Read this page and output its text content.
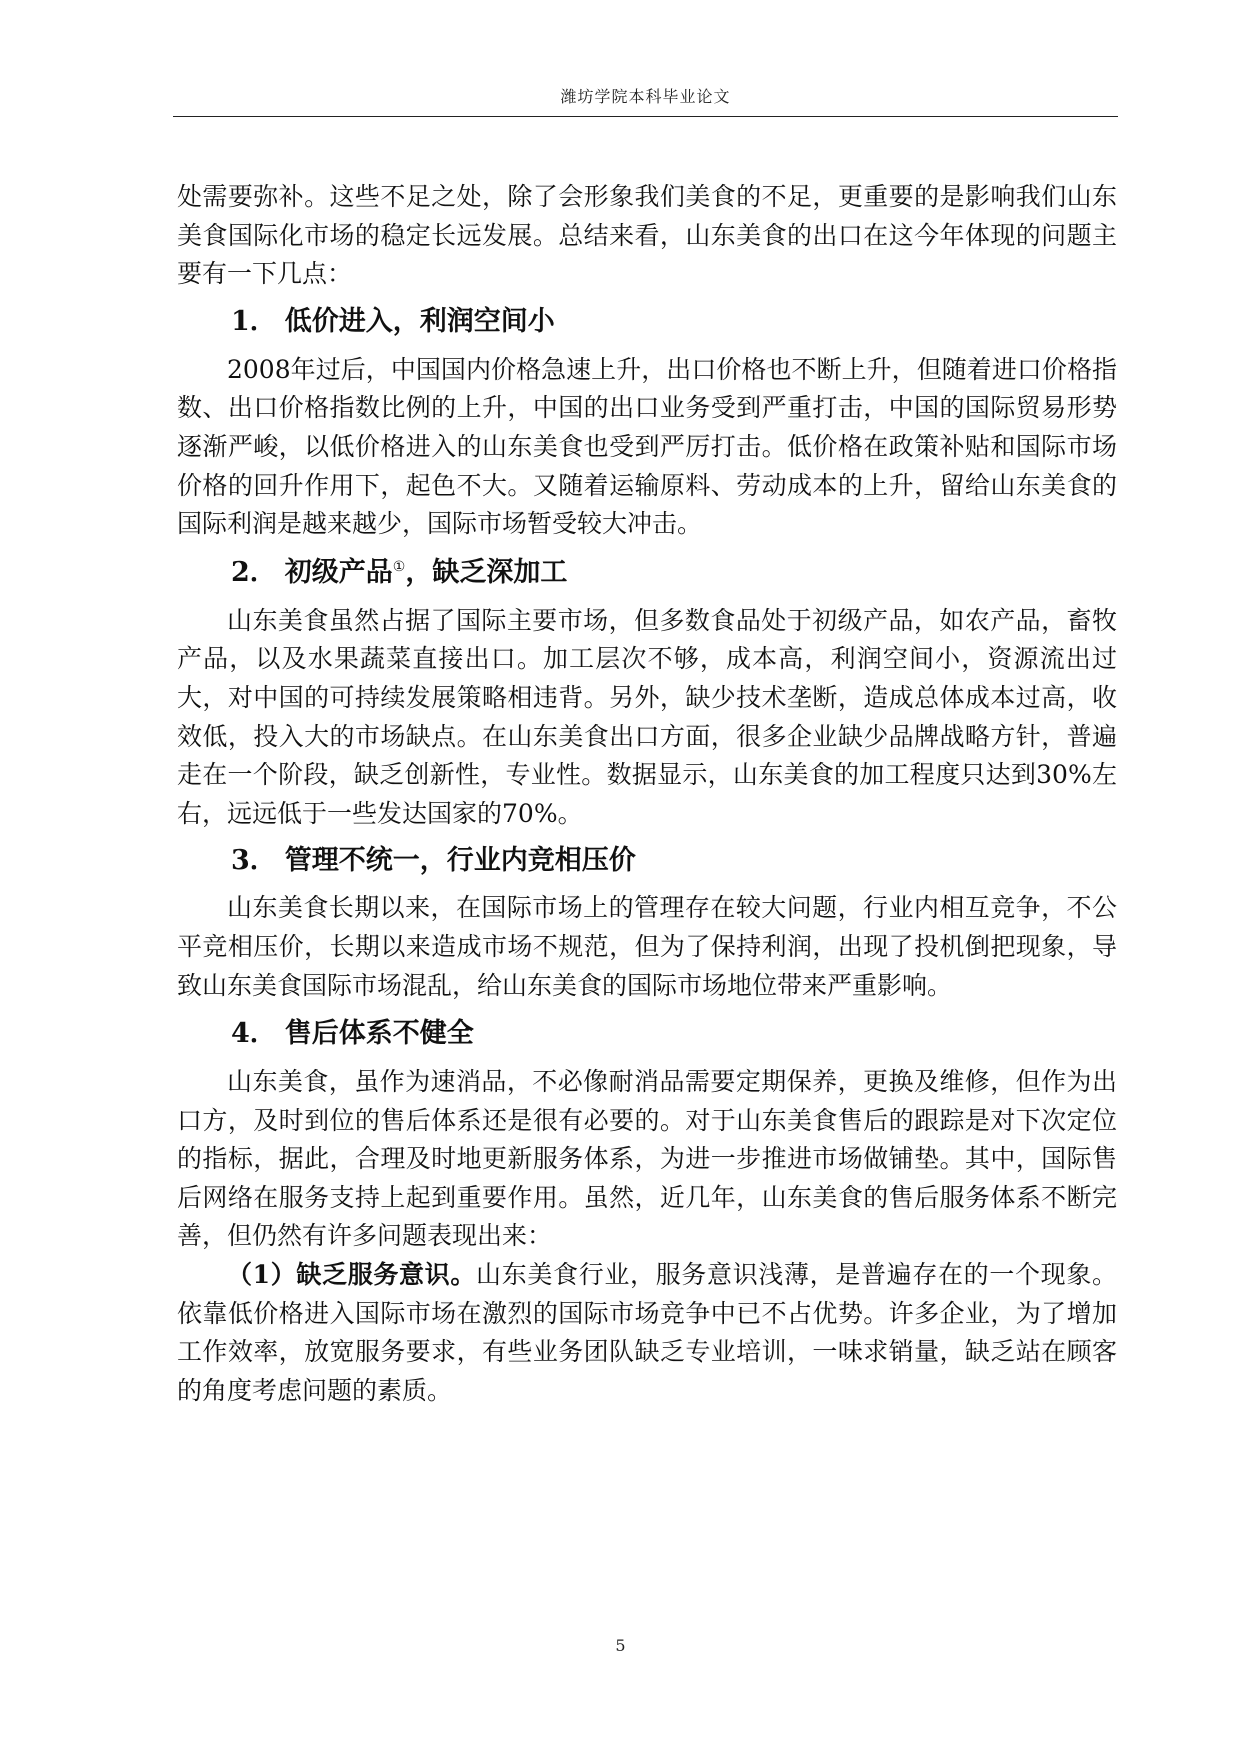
潍坊学院本科毕业论文

处需要弥补。这些不足之处，除了会形象我们美食的不足，更重要的是影响我们山东美食国际化市场的稳定长远发展。总结来看，山东美食的出口在这今年体现的问题主要有一下几点：

1． 低价进入，利润空间小

2008年过后，中国国内价格急速上升，出口价格也不断上升，但随着进口价格指数、出口价格指数比例的上升，中国的出口业务受到严重打击，中国的国际贸易形势逐渐严峻，以低价格进入的山东美食也受到严厉打击。低价格在政策补贴和国际市场价格的回升作用下，起色不大。又随着运输原料、劳动成本的上升，留给山东美食的国际利润是越来越少，国际市场暂受较大冲击。

2． 初级产品①，缺乏深加工

山东美食虽然占据了国际主要市场，但多数食品处于初级产品，如农产品，畜牧产品，以及水果蔬菜直接出口。加工层次不够，成本高，利润空间小，资源流出过大，对中国的可持续发展策略相违背。另外，缺少技术垄断，造成总体成本过高，收效低，投入大的市场缺点。在山东美食出口方面，很多企业缺少品牌战略方针，普遍走在一个阶段，缺乏创新性，专业性。数据显示，山东美食的加工程度只达到30%左右，远远低于一些发达国家的70%。

3． 管理不统一，行业内竞相压价

山东美食长期以来，在国际市场上的管理存在较大问题，行业内相互竞争，不公平竞相压价，长期以来造成市场不规范，但为了保持利润，出现了投机倒把现象，导致山东美食国际市场混乱，给山东美食的国际市场地位带来严重影响。

4． 售后体系不健全

山东美食，虽作为速消品，不必像耐消品需要定期保养，更换及维修，但作为出口方，及时到位的售后体系还是很有必要的。对于山东美食售后的跟踪是对下次定位的指标，据此，合理及时地更新服务体系，为进一步推进市场做铺垫。其中，国际售后网络在服务支持上起到重要作用。虽然，近几年，山东美食的售后服务体系不断完善，但仍然有许多问题表现出来：

（1）缺乏服务意识。山东美食行业，服务意识浅薄，是普遍存在的一个现象。依靠低价格进入国际市场在激烈的国际市场竞争中已不占优势。许多企业，为了增加工作效率，放宽服务要求，有些业务团队缺乏专业培训，一味求销量，缺乏站在顾客的角度考虑问题的素质。

5
